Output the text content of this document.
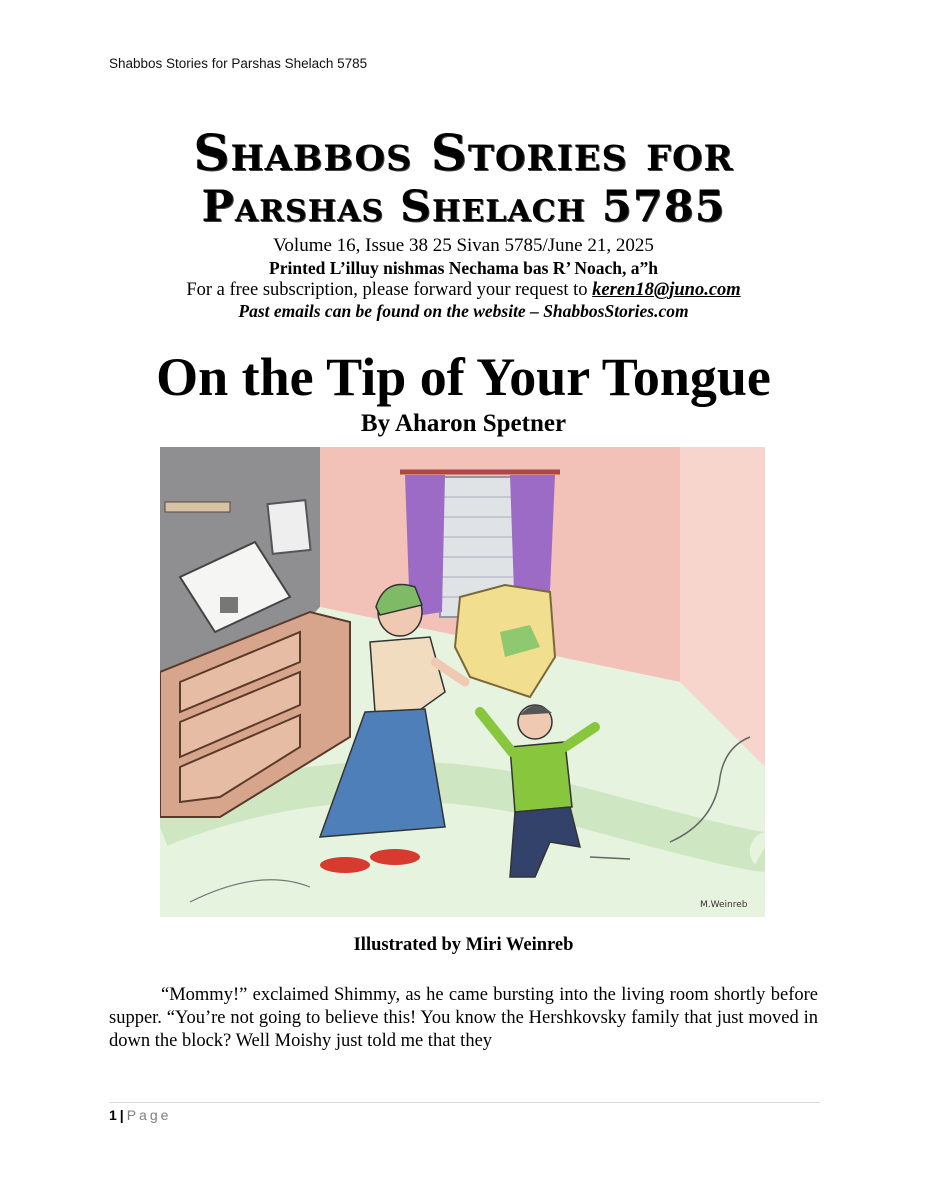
Shabbos Stories for Parshas Shelach 5785
Shabbos Stories for
Parshas Shelach 5785
Volume 16, Issue 38 25 Sivan 5785/June 21, 2025
Printed L’illuy nishmas Nechama bas R’ Noach, a”h
For a free subscription, please forward your request to keren18@juno.com
Past emails can be found on the website – ShabbosStories.com
On the Tip of Your Tongue
By Aharon Spetner
M.Weinreb
Illustrated by Miri Weinreb

“Mommy!” exclaimed Shimmy, as he came bursting into the living room shortly before supper. “You’re not going to believe this! You know the Hershkovsky family that just moved in down the block? Well Moishy just told me that they

1 | Page
